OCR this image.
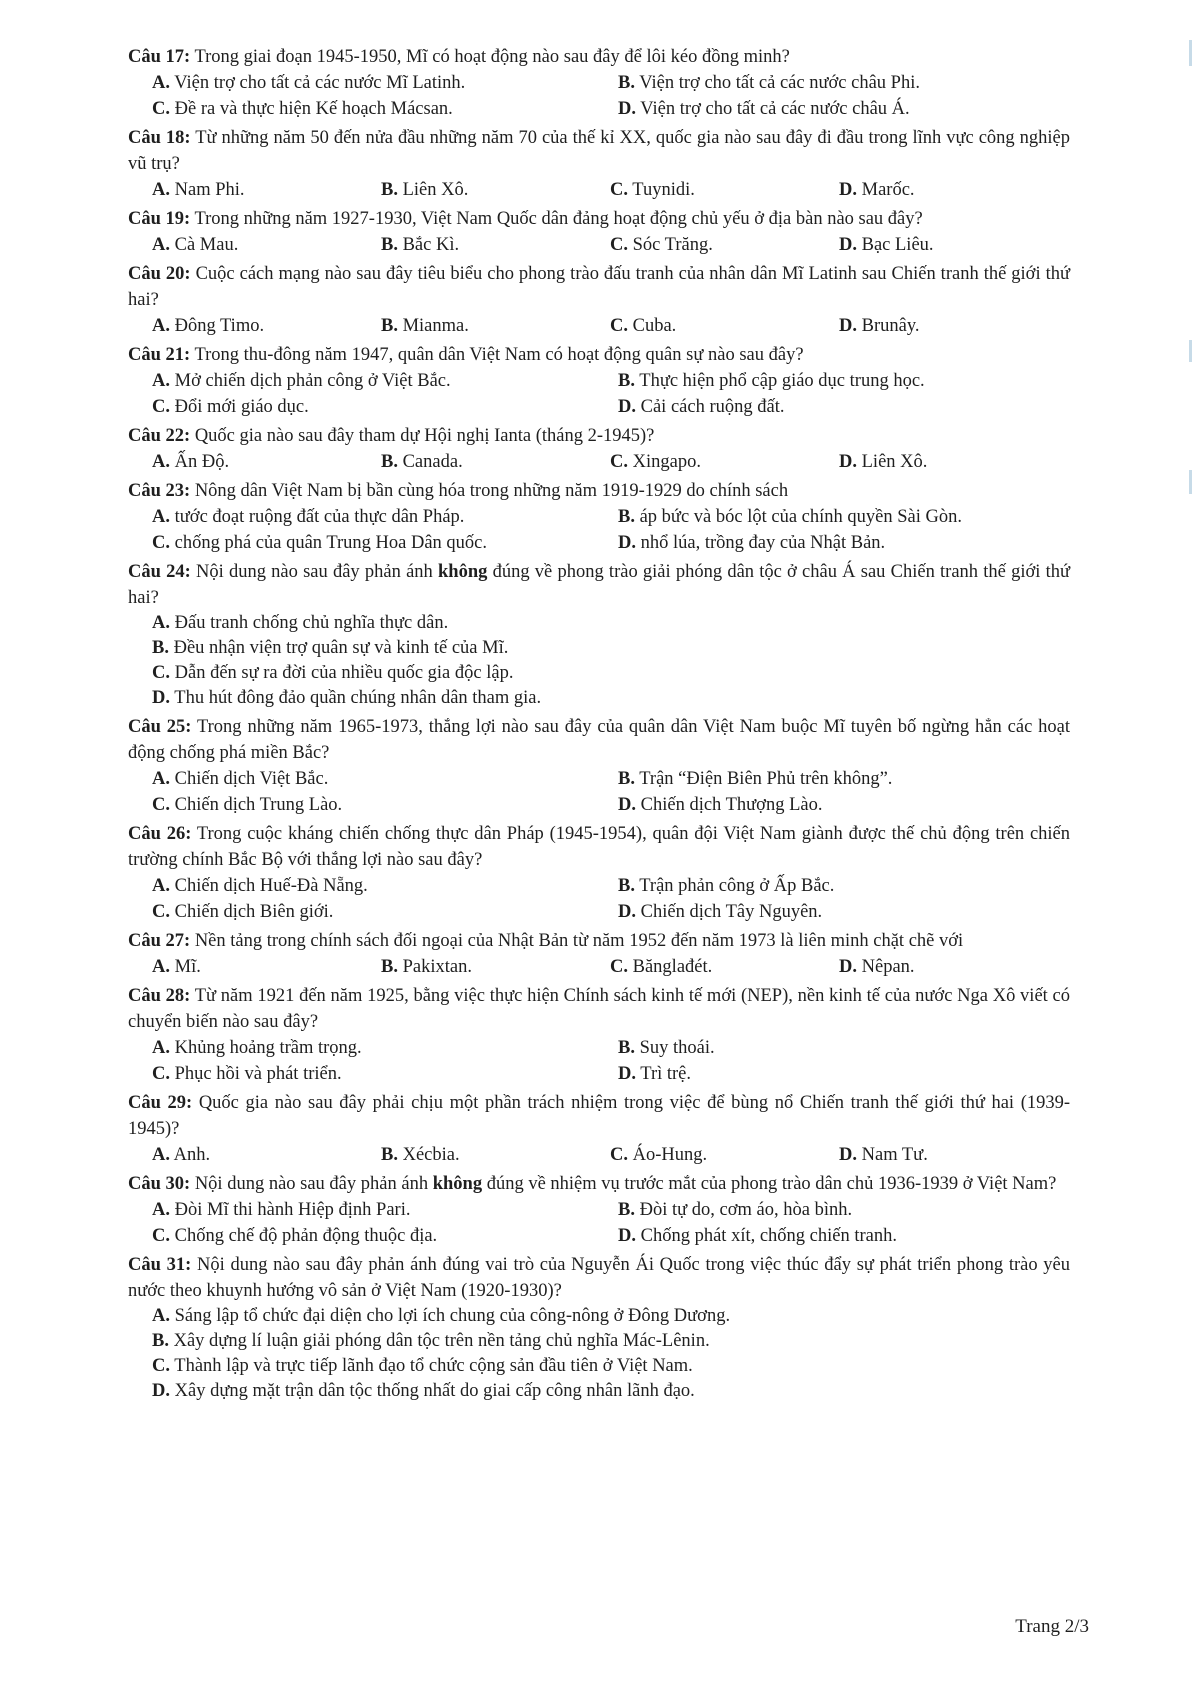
Câu 17: Trong giai đoạn 1945-1950, Mĩ có hoạt động nào sau đây để lôi kéo đồng minh?
A. Viện trợ cho tất cả các nước Mĩ Latinh.	B. Viện trợ cho tất cả các nước châu Phi.
C. Đề ra và thực hiện Kế hoạch Mácsan.	D. Viện trợ cho tất cả các nước châu Á.
Câu 18: Từ những năm 50 đến nửa đầu những năm 70 của thế kỉ XX, quốc gia nào sau đây đi đầu trong lĩnh vực công nghiệp vũ trụ?
A. Nam Phi.	B. Liên Xô.	C. Tuynidi.	D. Marốc.
Câu 19: Trong những năm 1927-1930, Việt Nam Quốc dân đảng hoạt động chủ yếu ở địa bàn nào sau đây?
A. Cà Mau.	B. Bắc Kì.	C. Sóc Trăng.	D. Bạc Liêu.
Câu 20: Cuộc cách mạng nào sau đây tiêu biểu cho phong trào đấu tranh của nhân dân Mĩ Latinh sau Chiến tranh thế giới thứ hai?
A. Đông Timo.	B. Mianma.	C. Cuba.	D. Brunây.
Câu 21: Trong thu-đông năm 1947, quân dân Việt Nam có hoạt động quân sự nào sau đây?
A. Mở chiến dịch phản công ở Việt Bắc.	B. Thực hiện phổ cập giáo dục trung học.
C. Đổi mới giáo dục.	D. Cải cách ruộng đất.
Câu 22: Quốc gia nào sau đây tham dự Hội nghị Ianta (tháng 2-1945)?
A. Ấn Độ.	B. Canada.	C. Xingapo.	D. Liên Xô.
Câu 23: Nông dân Việt Nam bị bần cùng hóa trong những năm 1919-1929 do chính sách
A. tước đoạt ruộng đất của thực dân Pháp.	B. áp bức và bóc lột của chính quyền Sài Gòn.
C. chống phá của quân Trung Hoa Dân quốc.	D. nhổ lúa, trồng đay của Nhật Bản.
Câu 24: Nội dung nào sau đây phản ánh không đúng về phong trào giải phóng dân tộc ở châu Á sau Chiến tranh thế giới thứ hai?
A. Đấu tranh chống chủ nghĩa thực dân.
B. Đều nhận viện trợ quân sự và kinh tế của Mĩ.
C. Dẫn đến sự ra đời của nhiều quốc gia độc lập.
D. Thu hút đông đảo quần chúng nhân dân tham gia.
Câu 25: Trong những năm 1965-1973, thắng lợi nào sau đây của quân dân Việt Nam buộc Mĩ tuyên bố ngừng hẳn các hoạt động chống phá miền Bắc?
A. Chiến dịch Việt Bắc.	B. Trận “Điện Biên Phủ trên không”.
C. Chiến dịch Trung Lào.	D. Chiến dịch Thượng Lào.
Câu 26: Trong cuộc kháng chiến chống thực dân Pháp (1945-1954), quân đội Việt Nam giành được thế chủ động trên chiến trường chính Bắc Bộ với thắng lợi nào sau đây?
A. Chiến dịch Huế-Đà Nẵng.	B. Trận phản công ở Ấp Bắc.
C. Chiến dịch Biên giới.	D. Chiến dịch Tây Nguyên.
Câu 27: Nền tảng trong chính sách đối ngoại của Nhật Bản từ năm 1952 đến năm 1973 là liên minh chặt chẽ với
A. Mĩ.	B. Pakixtan.	C. Bănglađét.	D. Nêpan.
Câu 28: Từ năm 1921 đến năm 1925, bằng việc thực hiện Chính sách kinh tế mới (NEP), nền kinh tế của nước Nga Xô viết có chuyển biến nào sau đây?
A. Khủng hoảng trầm trọng.	B. Suy thoái.
C. Phục hồi và phát triển.	D. Trì trệ.
Câu 29: Quốc gia nào sau đây phải chịu một phần trách nhiệm trong việc để bùng nổ Chiến tranh thế giới thứ hai (1939-1945)?
A. Anh.	B. Xécbia.	C. Áo-Hung.	D. Nam Tư.
Câu 30: Nội dung nào sau đây phản ánh không đúng về nhiệm vụ trước mắt của phong trào dân chủ 1936-1939 ở Việt Nam?
A. Đòi Mĩ thi hành Hiệp định Pari.	B. Đòi tự do, cơm áo, hòa bình.
C. Chống chế độ phản động thuộc địa.	D. Chống phát xít, chống chiến tranh.
Câu 31: Nội dung nào sau đây phản ánh đúng vai trò của Nguyễn Ái Quốc trong việc thúc đẩy sự phát triển phong trào yêu nước theo khuynh hướng vô sản ở Việt Nam (1920-1930)?
A. Sáng lập tổ chức đại diện cho lợi ích chung của công-nông ở Đông Dương.
B. Xây dựng lí luận giải phóng dân tộc trên nền tảng chủ nghĩa Mác-Lênin.
C. Thành lập và trực tiếp lãnh đạo tổ chức cộng sản đầu tiên ở Việt Nam.
D. Xây dựng mặt trận dân tộc thống nhất do giai cấp công nhân lãnh đạo.
Trang 2/3
